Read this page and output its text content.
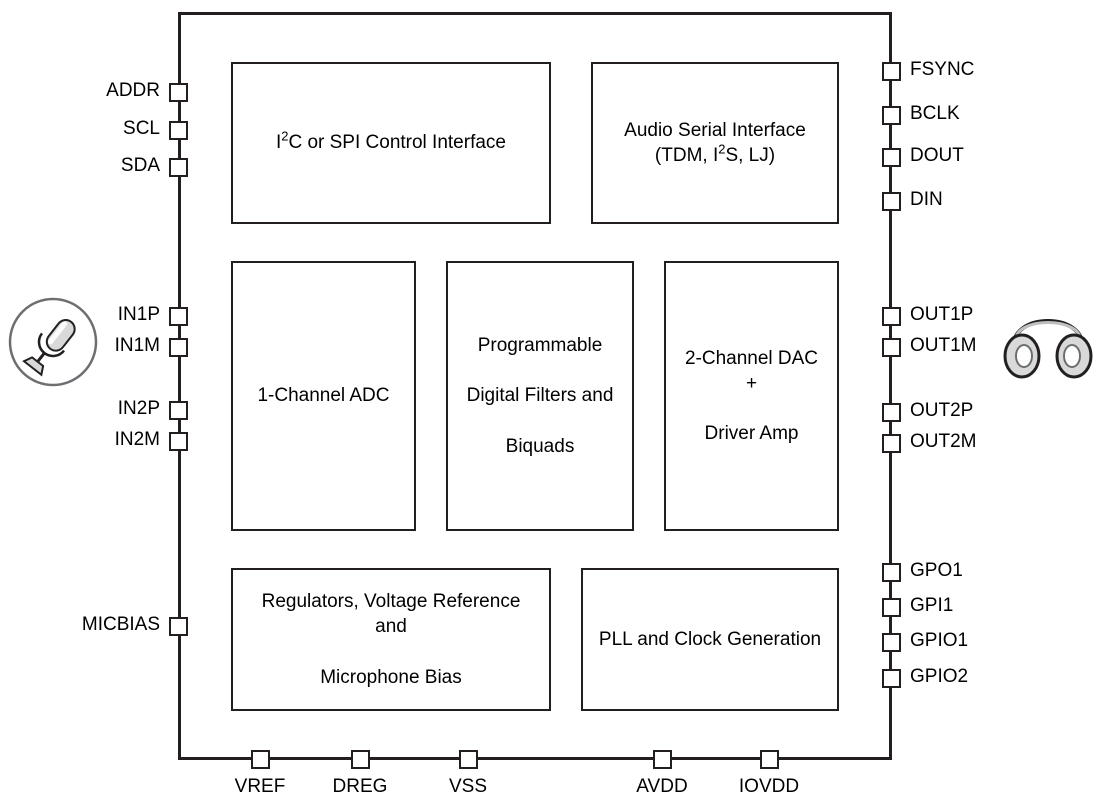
$I^2C$ or SPI Control Interface
Audio Serial Interface
(TDM, $I^2S$, LJ)
1-Channel ADC
Programmable

Digital Filters and

Biquads
2-Channel DAC +

Driver Amp
Regulators, Voltage Reference and

Microphone Bias
PLL and Clock Generation
ADDR
SCL
SDA
IN1P
IN1M
IN2P
IN2M
MICBIAS
FSYNC
BCLK
DOUT
DIN
OUT1P
OUT1M
OUT2P
OUT2M
GPO1
GPI1
GPIO1
GPIO2
VREF	DREG	VSS	AVDD	IOVDD
